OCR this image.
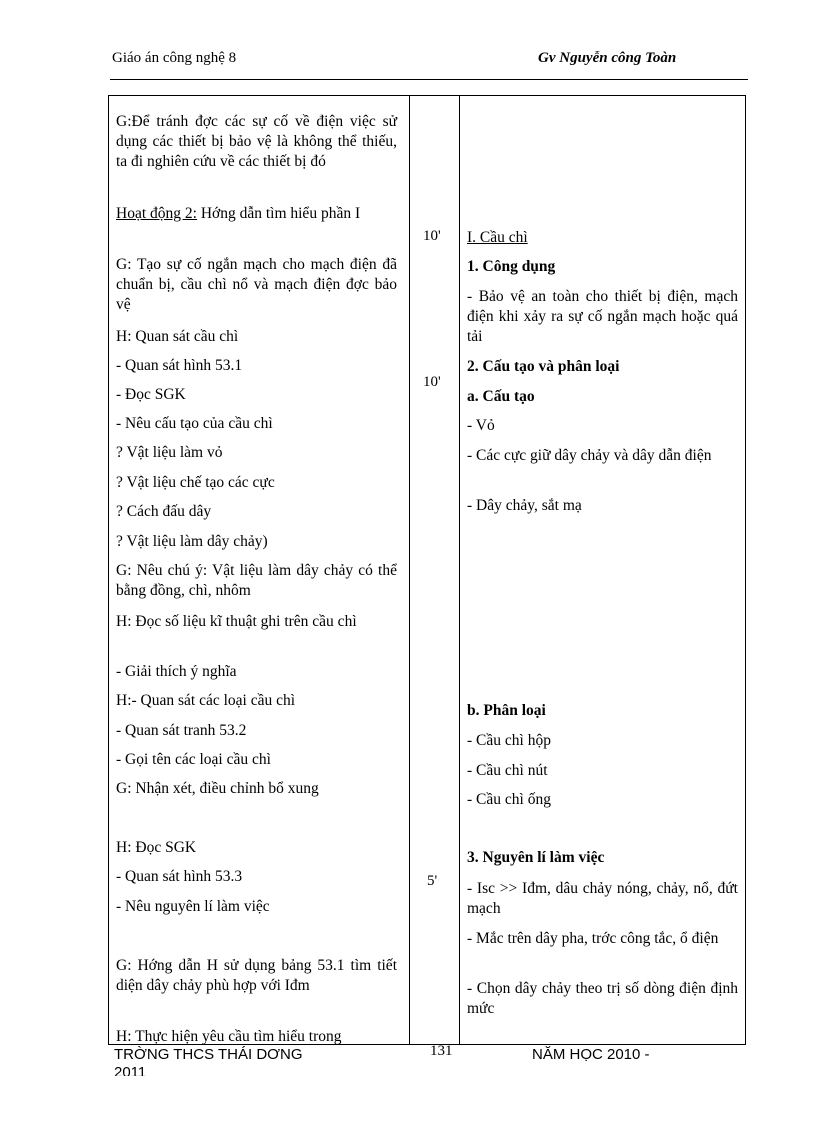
Giáo án công nghệ 8	Gv Nguyễn công Toàn

G:Để tránh đợc các sự cố về điện việc sử dụng các thiết bị bảo vệ là không thể thiếu, ta đi nghiên cứu về các thiết bị đó

Hoạt động 2: Hớng dẫn tìm hiểu phần I

G: Tạo sự cố ngắn mạch cho mạch điện đã chuẩn bị, cầu chì nổ và mạch điện đợc bảo vệ

H: Quan sát cầu chì

- Quan sát hình 53.1

- Đọc SGK

- Nêu cấu tạo của cầu chì

? Vật liệu làm vỏ

? Vật liệu chế tạo các cực

? Cách đấu dây

? Vật liệu làm dây chảy)

G: Nêu chú ý: Vật liệu làm dây chảy có thể bằng đồng, chì, nhôm

H: Đọc số liệu kĩ thuật ghi trên cầu chì

- Giải thích ý nghĩa

H:- Quan sát các loại cầu chì

- Quan sát tranh 53.2

- Gọi tên các loại cầu chì

G: Nhận xét, điều chỉnh bổ xung

H: Đọc SGK

- Quan sát hình 53.3

- Nêu nguyên lí làm việc

G: Hớng dẫn H sử dụng bảng 53.1 tìm tiết diện dây chảy phù hợp với Iđm

H: Thực hiện yêu cầu tìm hiểu trong

10'
10'
5'

I. Cầu chì

1. Công dụng

- Bảo vệ an toàn cho thiết bị điện, mạch điện khi xảy ra sự cố ngắn mạch hoặc quá tải

2. Cấu tạo và phân loại

a. Cấu tạo

- Vỏ

- Các cực giữ dây chảy và dây dẫn điện

- Dây chảy, sắt mạ

b. Phân loại

- Cầu chì hộp

- Cầu chì nút

- Cầu chì ống

3. Nguyên lí làm việc

- Isc >> Iđm, dâu chảy nóng, chảy, nổ, đứt mạch

- Mắc trên dây pha, trớc công tắc, ổ điện

- Chọn dây chảy theo trị số dòng điện định mức

TRỜNG THCS THÁI DƠNG
2011
131	NĂM HỌC 2010 -
